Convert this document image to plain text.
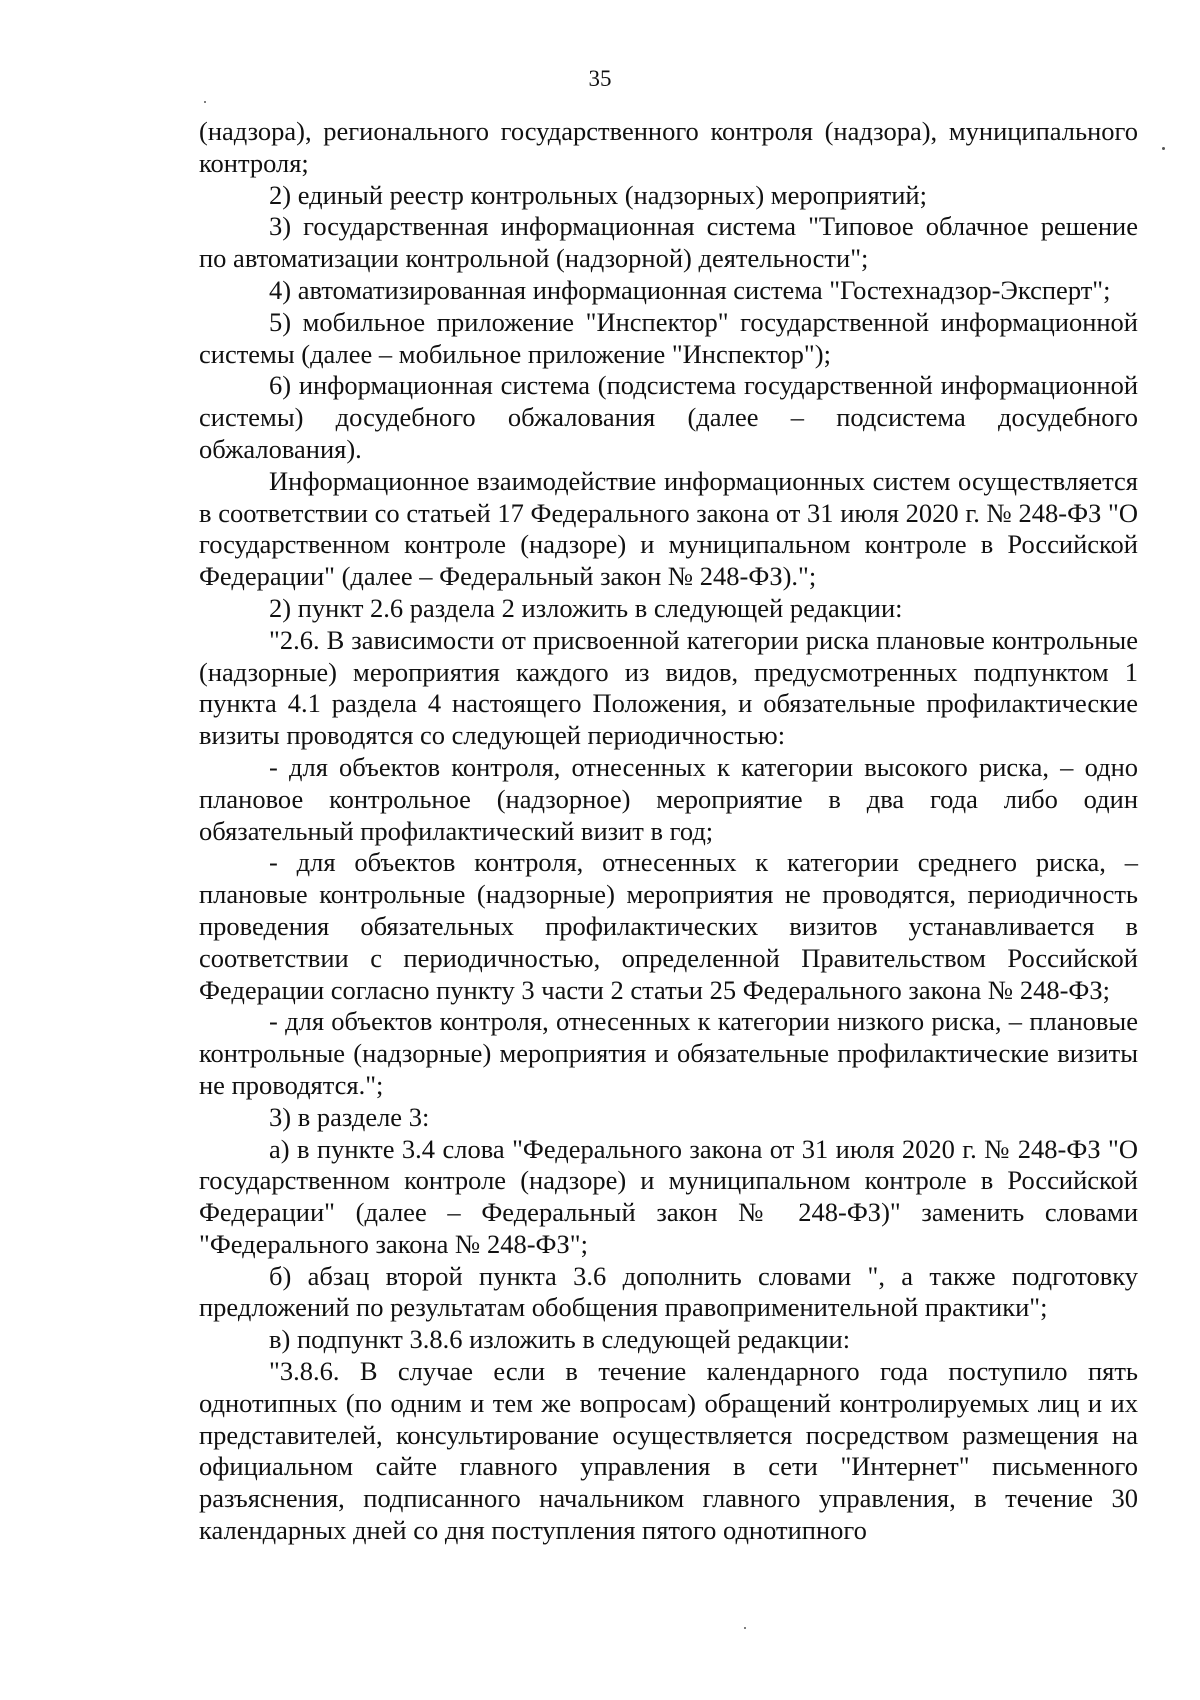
35

(надзора), регионального государственного контроля (надзора), муниципального контроля;

2) единый реестр контрольных (надзорных) мероприятий;

3) государственная информационная система "Типовое облачное решение по автоматизации контрольной (надзорной) деятельности";

4) автоматизированная информационная система "Гостехнадзор-Эксперт";

5) мобильное приложение "Инспектор" государственной информационной системы (далее – мобильное приложение "Инспектор");

6) информационная система (подсистема государственной информационной системы) досудебного обжалования (далее – подсистема досудебного обжалования).

Информационное взаимодействие информационных систем осуществляется в соответствии со статьей 17 Федерального закона от 31 июля 2020 г. № 248-ФЗ "О государственном контроле (надзоре) и муниципальном контроле в Российской Федерации" (далее – Федеральный закон № 248-ФЗ).";

2) пункт 2.6 раздела 2 изложить в следующей редакции:

"2.6. В зависимости от присвоенной категории риска плановые контрольные (надзорные) мероприятия каждого из видов, предусмотренных подпунктом 1 пункта 4.1 раздела 4 настоящего Положения, и обязательные профилактические визиты проводятся со следующей периодичностью:

- для объектов контроля, отнесенных к категории высокого риска, – одно плановое контрольное (надзорное) мероприятие в два года либо один обязательный профилактический визит в год;

- для объектов контроля, отнесенных к категории среднего риска, – плановые контрольные (надзорные) мероприятия не проводятся, периодичность проведения обязательных профилактических визитов устанавливается в соответствии с периодичностью, определенной Правительством Российской Федерации согласно пункту 3 части 2 статьи 25 Федерального закона № 248-ФЗ;

- для объектов контроля, отнесенных к категории низкого риска, – плановые контрольные (надзорные) мероприятия и обязательные профилактические визиты не проводятся.";

3) в разделе 3:

а) в пункте 3.4 слова "Федерального закона от 31 июля 2020 г. № 248-ФЗ "О государственном контроле (надзоре) и муниципальном контроле в Российской Федерации" (далее – Федеральный закон № 248-ФЗ)" заменить словами "Федерального закона № 248-ФЗ";

б) абзац второй пункта 3.6 дополнить словами ", а также подготовку предложений по результатам обобщения правоприменительной практики";

в) подпункт 3.8.6 изложить в следующей редакции:

"3.8.6. В случае если в течение календарного года поступило пять однотипных (по одним и тем же вопросам) обращений контролируемых лиц и их представителей, консультирование осуществляется посредством размещения на официальном сайте главного управления в сети "Интернет" письменного разъяснения, подписанного начальником главного управления, в течение 30 календарных дней со дня поступления пятого однотипного
